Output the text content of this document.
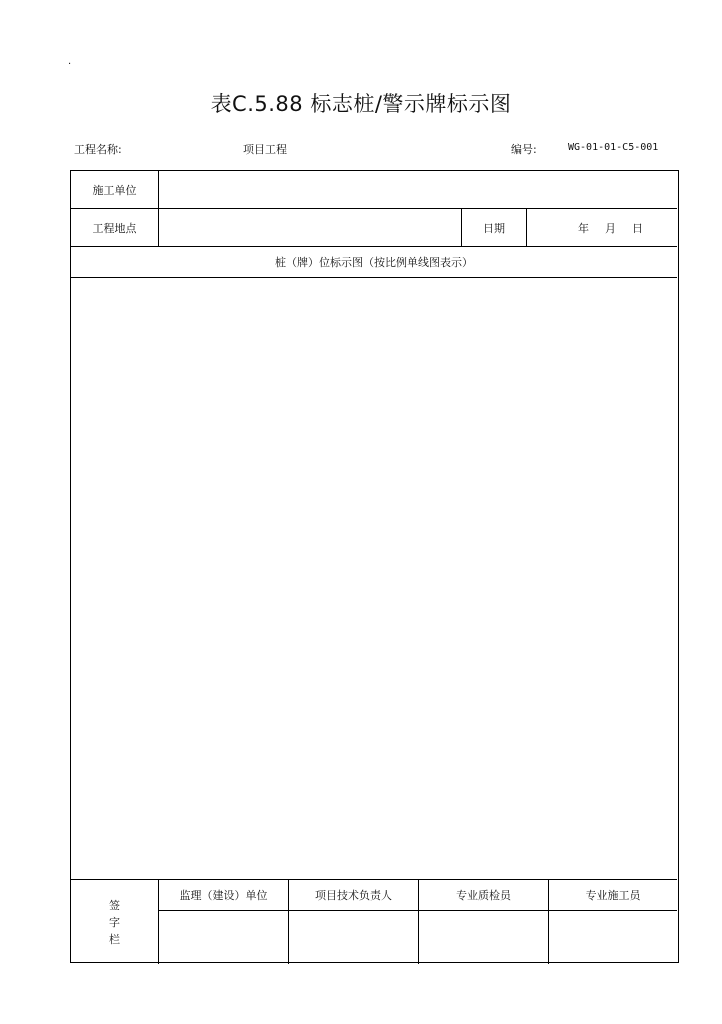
·
表C.5.88 标志桩/警示牌标示图
工程名称:	项目工程	编号:	WG-01-01-C5-001
施工单位
工程地点	日期	年 月 日
桩（牌）位标示图（按比例单线图表示）
签
字
栏
监理（建设）单位	项目技术负责人	专业质检员	专业施工员
